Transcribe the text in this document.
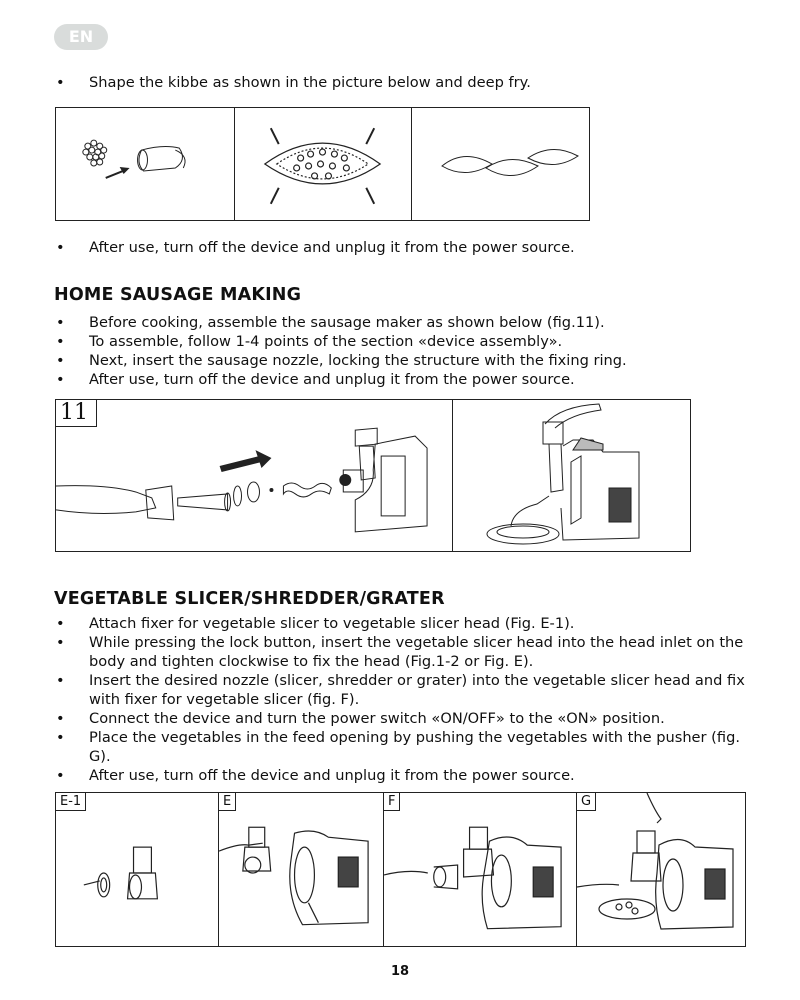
EN
• Shape the kibbe as shown in the picture below and deep fry.
• After use, turn off the device and unplug it from the power source.
HOME SAUSAGE MAKING
• Before cooking, assemble the sausage maker as shown below (fig.11).
• To assemble, follow 1-4 points of the section «device assembly».
• Next, insert the sausage nozzle, locking the structure with the fixing ring.
• After use, turn off the device and unplug it from the power source.
11
VEGETABLE SLICER/SHREDDER/GRATER
• Attach fixer for vegetable slicer to vegetable slicer head (Fig. E-1).
• While pressing the lock button, insert the vegetable slicer head into the head inlet on the body and tighten clockwise to fix the head (Fig.1-2 or Fig. E).
• Insert the desired nozzle (slicer, shredder or grater) into the vegetable slicer head and fix with fixer for vegetable slicer (fig. F).
• Connect the device and turn the power switch «ON/OFF» to the «ON» position.
• Place the vegetables in the feed opening by pushing the vegetables with the pusher (fig. G).
• After use, turn off the device and unplug it from the power source.
E-1	E	F	G
18
